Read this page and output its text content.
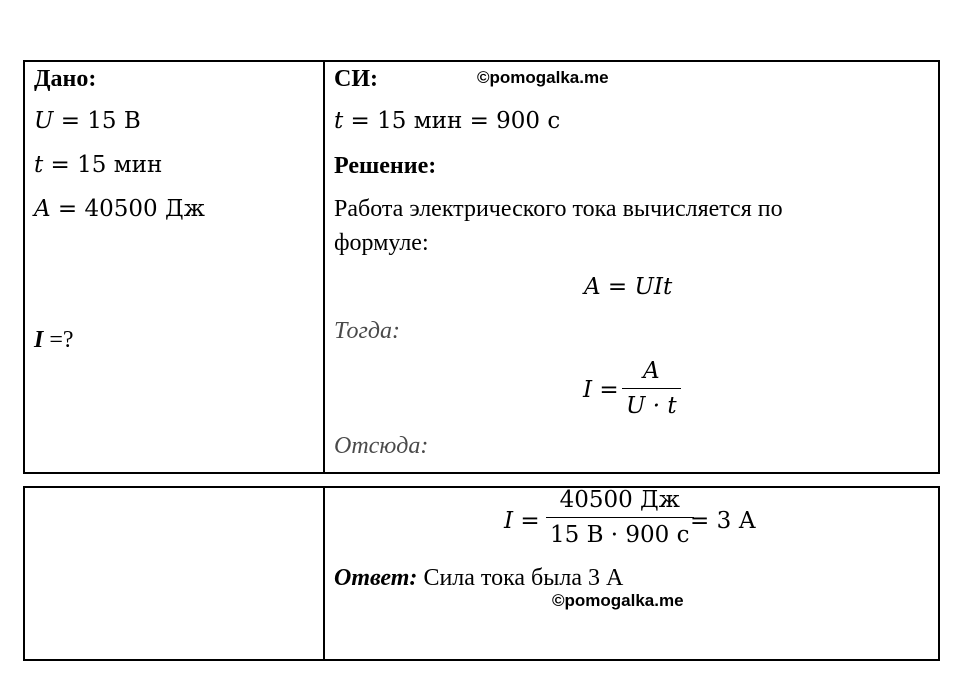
Дано:
U = 15 В
t = 15 мин
A = 40500 Дж
I =?
СИ:	©pomogalka.me
t = 15 мин = 900 с
Решение:
Работа электрического тока вычисляется по
формуле:
A = UIt
Тогда:
I =
A
U · t
Отсюда:
I =
40500 Дж
15 В · 900 с
= 3 А
Ответ: Сила тока была 3 А
©pomogalka.me
